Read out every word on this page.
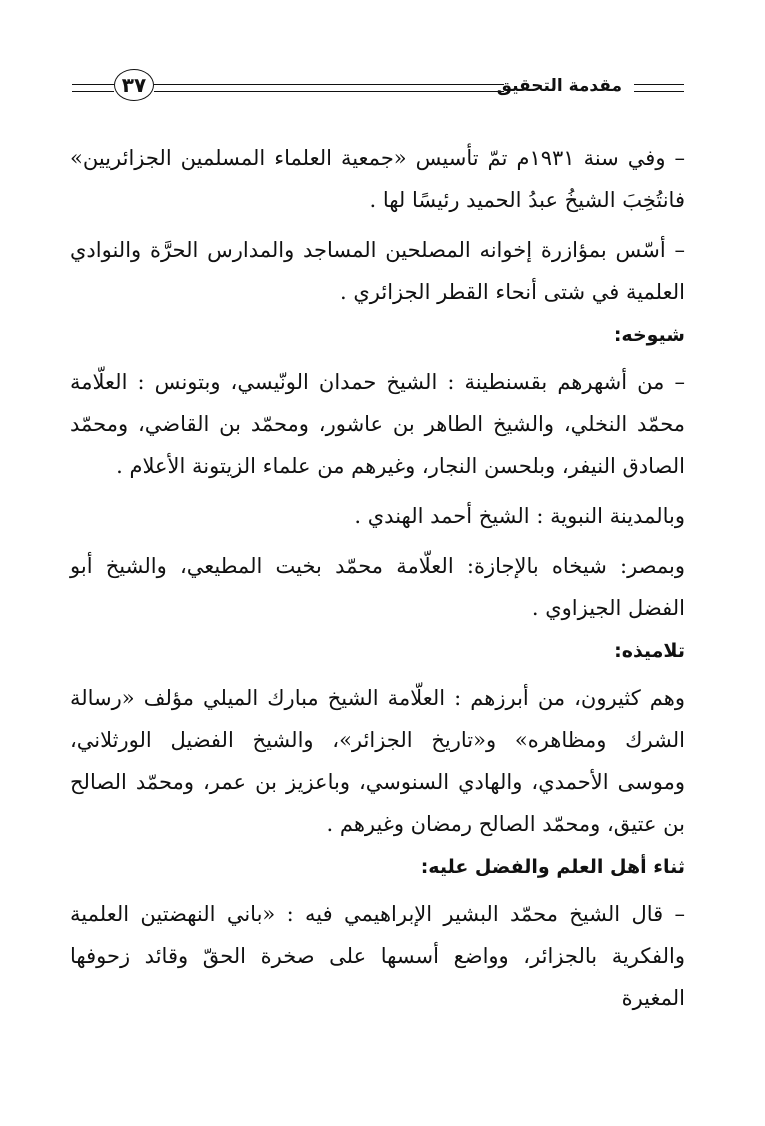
مقدمة التحقيق
٣٧

– وفي سنة ١٩٣١م تمّ تأسيس «جمعية العلماء المسلمين الجزائريين» فانتُخِبَ الشيخُ عبدُ الحميد رئيسًا لها .

– أسّس بمؤازرة إخوانه المصلحين المساجد والمدارس الحرَّة والنوادي العلمية في شتى أنحاء القطر الجزائري .

شيوخه:

– من أشهرهم بقسنطينة : الشيخ حمدان الونّيسي، وبتونس : العلّامة محمّد النخلي، والشيخ الطاهر بن عاشور، ومحمّد بن القاضي، ومحمّد الصادق النيفر، وبلحسن النجار، وغيرهم من علماء الزيتونة الأعلام .

وبالمدينة النبوية : الشيخ أحمد الهندي .

وبمصر: شيخاه بالإجازة: العلّامة محمّد بخيت المطيعي، والشيخ أبو الفضل الجيزاوي .

تلاميذه:

وهم كثيرون، من أبرزهم : العلّامة الشيخ مبارك الميلي مؤلف «رسالة الشرك ومظاهره» و«تاريخ الجزائر»، والشيخ الفضيل الورثلاني، وموسى الأحمدي، والهادي السنوسي، وباعزيز بن عمر، ومحمّد الصالح بن عتيق، ومحمّد الصالح رمضان وغيرهم .

ثناء أهل العلم والفضل عليه:

– قال الشيخ محمّد البشير الإبراهيمي فيه : «باني النهضتين العلمية والفكرية بالجزائر، وواضع أسسها على صخرة الحقّ وقائد زحوفها المغيرة
